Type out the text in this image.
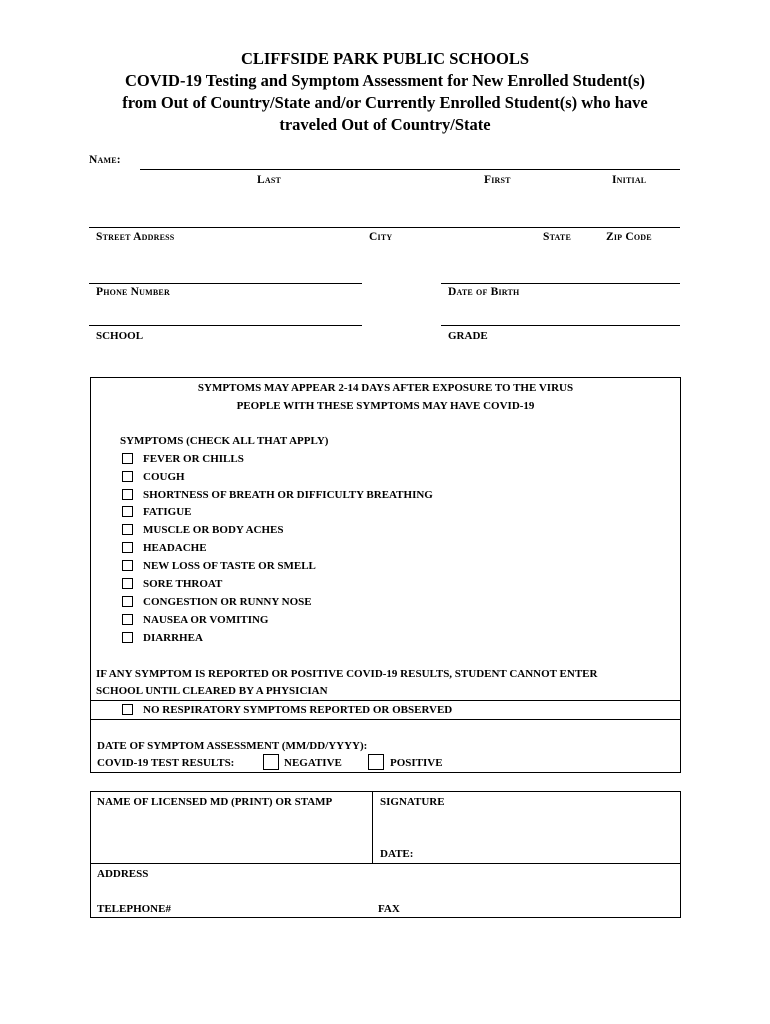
CLIFFSIDE PARK PUBLIC SCHOOLS
COVID-19 Testing and Symptom Assessment for New Enrolled Student(s)
from Out of Country/State and/or Currently Enrolled Student(s) who have
traveled Out of Country/State
Name:
Last	First	Initial
Street Address	City	State	Zip Code
Phone Number	Date of Birth
SCHOOL	GRADE
SYMPTOMS MAY APPEAR 2-14 DAYS AFTER EXPOSURE TO THE VIRUS
PEOPLE WITH THESE SYMPTOMS MAY HAVE COVID-19
SYMPTOMS (CHECK ALL THAT APPLY)
FEVER OR CHILLS
COUGH
SHORTNESS OF BREATH OR DIFFICULTY BREATHING
FATIGUE
MUSCLE OR BODY ACHES
HEADACHE
NEW LOSS OF TASTE OR SMELL
SORE THROAT
CONGESTION OR RUNNY NOSE
NAUSEA OR VOMITING
DIARRHEA
IF ANY SYMPTOM IS REPORTED OR POSITIVE COVID-19 RESULTS, STUDENT CANNOT ENTER
SCHOOL UNTIL CLEARED BY A PHYSICIAN
NO RESPIRATORY SYMPTOMS REPORTED OR OBSERVED
DATE OF SYMPTOM ASSESSMENT (MM/DD/YYYY):
COVID-19 TEST RESULTS:	NEGATIVE	POSITIVE
NAME OF LICENSED MD (PRINT) OR STAMP	SIGNATURE
DATE:
ADDRESS
TELEPHONE#	FAX
